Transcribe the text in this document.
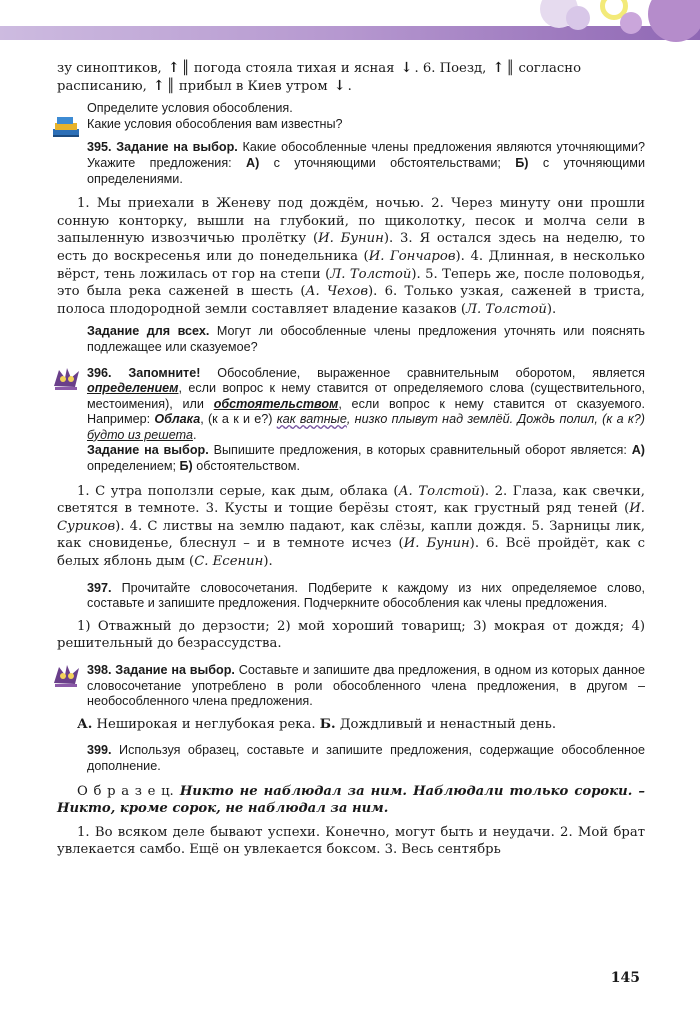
зу синоптиков, ↑ ║ погода стояла тихая и ясная ↓ . 6. Поезд, ↑ ║ согласно

расписанию, ↑ ║ прибыл в Киев утром ↓ .

Определите условия обособления.

Какие условия обособления вам известны?

395. Задание на выбор. Какие обособленные члены предложения являются уточняющими? Укажите предложения: А) с уточняющими обстоятельствами; Б) с уточняющими определениями.

1. Мы приехали в Женеву под дождём, ночью. 2. Через минуту они прошли сонную конторку, вышли на глубокий, по щиколотку, песок и молча сели в запыленную извозчичью пролётку (И. Бунин). 3. Я остался здесь на неделю, то есть до воскресенья или до понедельника (И. Гончаров). 4. Длинная, в несколько вёрст, тень ложилась от гор на степи (Л. Толстой). 5. Теперь же, после половодья, это была река саженей в шесть (А. Чехов). 6. Только узкая, саженей в триста, полоса плодородной земли составляет владение казаков (Л. Толстой).

Задание для всех. Могут ли обособленные члены предложения уточнять или пояснять подлежащее или сказуемое?

396. Запомните! Обособление, выраженное сравнительным оборотом, является определением, если вопрос к нему ставится от определяемого слова (существительного, местоимения), или обстоятельством, если вопрос к нему ставится от сказуемого. Например: Облака, (к а к и е?) как ватные, низко плывут над землёй. Дождь полил, (к а к?) будто из решета.

Задание на выбор. Выпишите предложения, в которых сравнительный оборот является: А) определением; Б) обстоятельством.

1. С утра поползли серые, как дым, облака (А. Толстой). 2. Глаза, как свечки, светятся в темноте. 3. Кусты и тощие берёзы стоят, как грустный ряд теней (И. Суриков). 4. С листвы на землю падают, как слёзы, капли дождя. 5. Зарницы лик, как сновиденье, блеснул – и в темноте исчез (И. Бунин). 6. Всё пройдёт, как с белых яблонь дым (С. Есенин).

397. Прочитайте словосочетания. Подберите к каждому из них определяемое слово, составьте и запишите предложения. Подчеркните обособления как члены предложения.

1) Отважный до дерзости; 2) мой хороший товарищ; 3) мокрая от дождя; 4) решительный до безрассудства.

398. Задание на выбор. Составьте и запишите два предложения, в одном из которых данное словосочетание употреблено в роли обособленного члена предложения, в другом – необособленного члена предложения.

А. Неширокая и неглубокая река. Б. Дождливый и ненастный день.

399. Используя образец, составьте и запишите предложения, содержащие обособленное дополнение.

О б р а з е ц. Никто не наблюдал за ним. Наблюдали только сороки. – Никто, кроме сорок, не наблюдал за ним.

1. Во всяком деле бывают успехи. Конечно, могут быть и неудачи. 2. Мой брат увлекается самбо. Ещё он увлекается боксом. 3. Весь сентябрь

145
